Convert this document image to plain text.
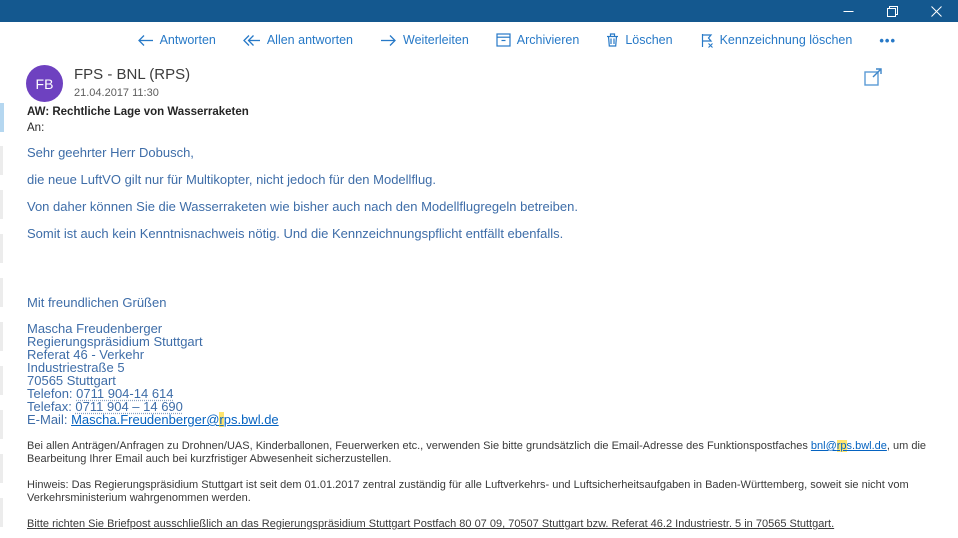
Antworten	Allen antworten	Weiterleiten	Archivieren	Löschen	Kennzeichnung löschen •••
FB
FPS - BNL (RPS)
21.04.2017 11:30
AW: Rechtliche Lage von Wasserraketen
An:

Sehr geehrter Herr Dobusch,

die neue LuftVO gilt nur für Multikopter, nicht jedoch für den Modellflug.

Von daher können Sie die Wasserraketen wie bisher auch nach den Modellflugregeln betreiben.

Somit ist auch kein Kenntnisnachweis nötig. Und die Kennzeichnungspflicht entfällt ebenfalls.

Mit freundlichen Grüßen

Mascha Freudenberger
Regierungspräsidium Stuttgart
Referat 46 - Verkehr
Industriestraße 5
70565 Stuttgart
Telefon: 0711 904-14 614
Telefax: 0711 904 – 14 690
E-Mail: Mascha.Freudenberger@rps.bwl.de

Bei allen Anträgen/Anfragen zu Drohnen/UAS, Kinderballonen, Feuerwerken etc., verwenden Sie bitte grundsätzlich die Email-Adresse des Funktionspostfaches bnl@rps.bwl.de, um die Bearbeitung Ihrer Email auch bei kurzfristiger Abwesenheit sicherzustellen.

Hinweis: Das Regierungspräsidium Stuttgart ist seit dem 01.01.2017 zentral zuständig für alle Luftverkehrs- und Luftsicherheitsaufgaben in Baden-Württemberg, soweit sie nicht vom Verkehrsministerium wahrgenommen werden.

Bitte richten Sie Briefpost ausschließlich an das Regierungspräsidium Stuttgart Postfach 80 07 09, 70507 Stuttgart bzw. Referat 46.2 Industriestr. 5 in 70565 Stuttgart.
